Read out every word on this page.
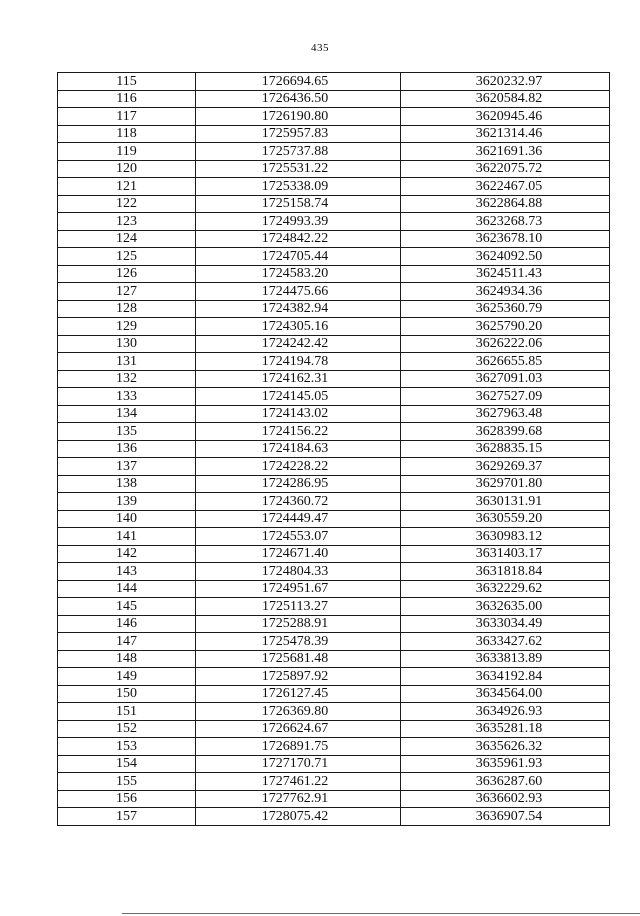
435
115	1726694.65	3620232.97
116	1726436.50	3620584.82
117	1726190.80	3620945.46
118	1725957.83	3621314.46
119	1725737.88	3621691.36
120	1725531.22	3622075.72
121	1725338.09	3622467.05
122	1725158.74	3622864.88
123	1724993.39	3623268.73
124	1724842.22	3623678.10
125	1724705.44	3624092.50
126	1724583.20	3624511.43
127	1724475.66	3624934.36
128	1724382.94	3625360.79
129	1724305.16	3625790.20
130	1724242.42	3626222.06
131	1724194.78	3626655.85
132	1724162.31	3627091.03
133	1724145.05	3627527.09
134	1724143.02	3627963.48
135	1724156.22	3628399.68
136	1724184.63	3628835.15
137	1724228.22	3629269.37
138	1724286.95	3629701.80
139	1724360.72	3630131.91
140	1724449.47	3630559.20
141	1724553.07	3630983.12
142	1724671.40	3631403.17
143	1724804.33	3631818.84
144	1724951.67	3632229.62
145	1725113.27	3632635.00
146	1725288.91	3633034.49
147	1725478.39	3633427.62
148	1725681.48	3633813.89
149	1725897.92	3634192.84
150	1726127.45	3634564.00
151	1726369.80	3634926.93
152	1726624.67	3635281.18
153	1726891.75	3635626.32
154	1727170.71	3635961.93
155	1727461.22	3636287.60
156	1727762.91	3636602.93
157	1728075.42	3636907.54
